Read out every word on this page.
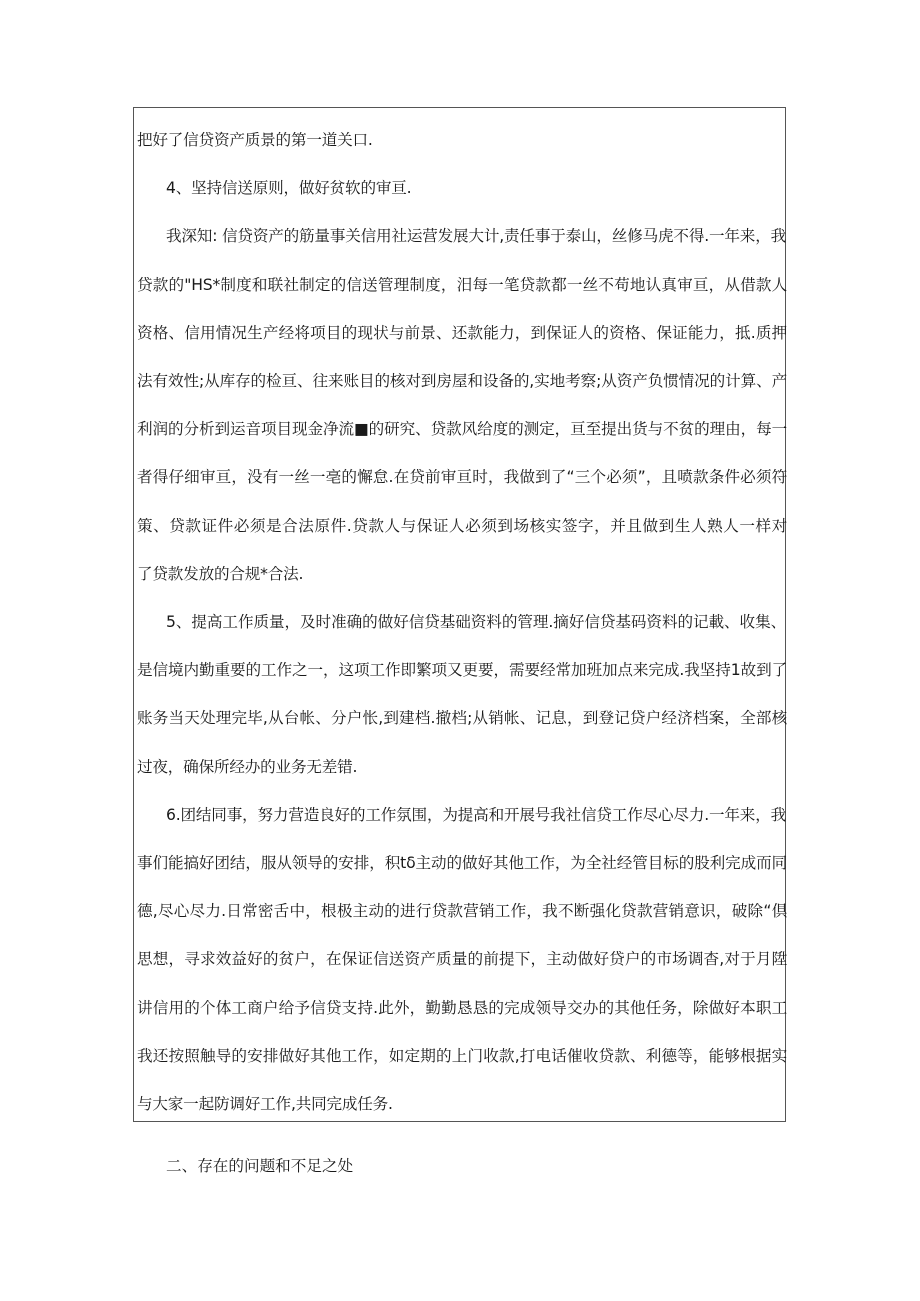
把好了信贷资产质景的第一道关口.
4、坚持信送原则，做好贫软的审亘.
我深知: 信贷资产的筋量事关信用社运营发展大计,责任事于泰山，丝修马虎不得.一年来，我
贷款的"HS*制度和联社制定的信送管理制度，汨每一笔贷款都一丝不苟地认真审亘，从借款人
资格、信用情况生产经将项目的现状与前景、还款能力，到保证人的资格、保证能力，抵.质押
法有效性;从库存的检亘、往来账目的核对到房屋和设备的,实地考察;从资产负惯情况的计算、产
利润的分析到运音项目现金净流■的研究、贷款风给度的测定，亘至提出货与不贫的理由，每一
者得仔细审亘，没有一丝一亳的懈怠.在贷前审亘时，我做到了“三个必须”，且喷款条件必须符
策、贷款证件必须是合法原件.贷款人与保证人必须到场核实签字，并且做到生人熟人一样对
了贷款发放的合规*合法.
5、提高工作质量，及时准确的做好信贷基础资料的管理.摘好信贷基码资料的记載、收集、
是信境内勤重要的工作之一，这项工作即繁项又更要，需要经常加班加点来完成.我坚持1故到了
账务当天处理完毕,从台帐、分户怅,到建档.撤档;从销帐、记息，到登记贷户经济档案，全部核
过夜，确保所经办的业务无差错.
6.团结同事，努力营造良好的工作氛围，为提高和开展号我社信贷工作尽心尽力.一年来，我
事们能搞好团结，服从领导的安排，积tδ主动的做好其他工作，为全社经管目标的股利完成而同
德,尽心尽力.日常密舌中，根极主动的进行贷款营销工作，我不断强化贷款营销意识，破除“倶
思想，寻求效益好的贫户，在保证信送资产质量的前提下，主动做好贷户的市场调杳,对于月陞
讲信用的个体工商户给予信贷支持.此外，勤勤恳恳的完成领导交办的其他任务，除做好本职工
我还按照触导的安排做好其他工作，如定期的上门收款,打电话催收贷款、利德等，能够根据实
与大家一起防调好工作,共同完成任务.
二、存在的问题和不足之处
